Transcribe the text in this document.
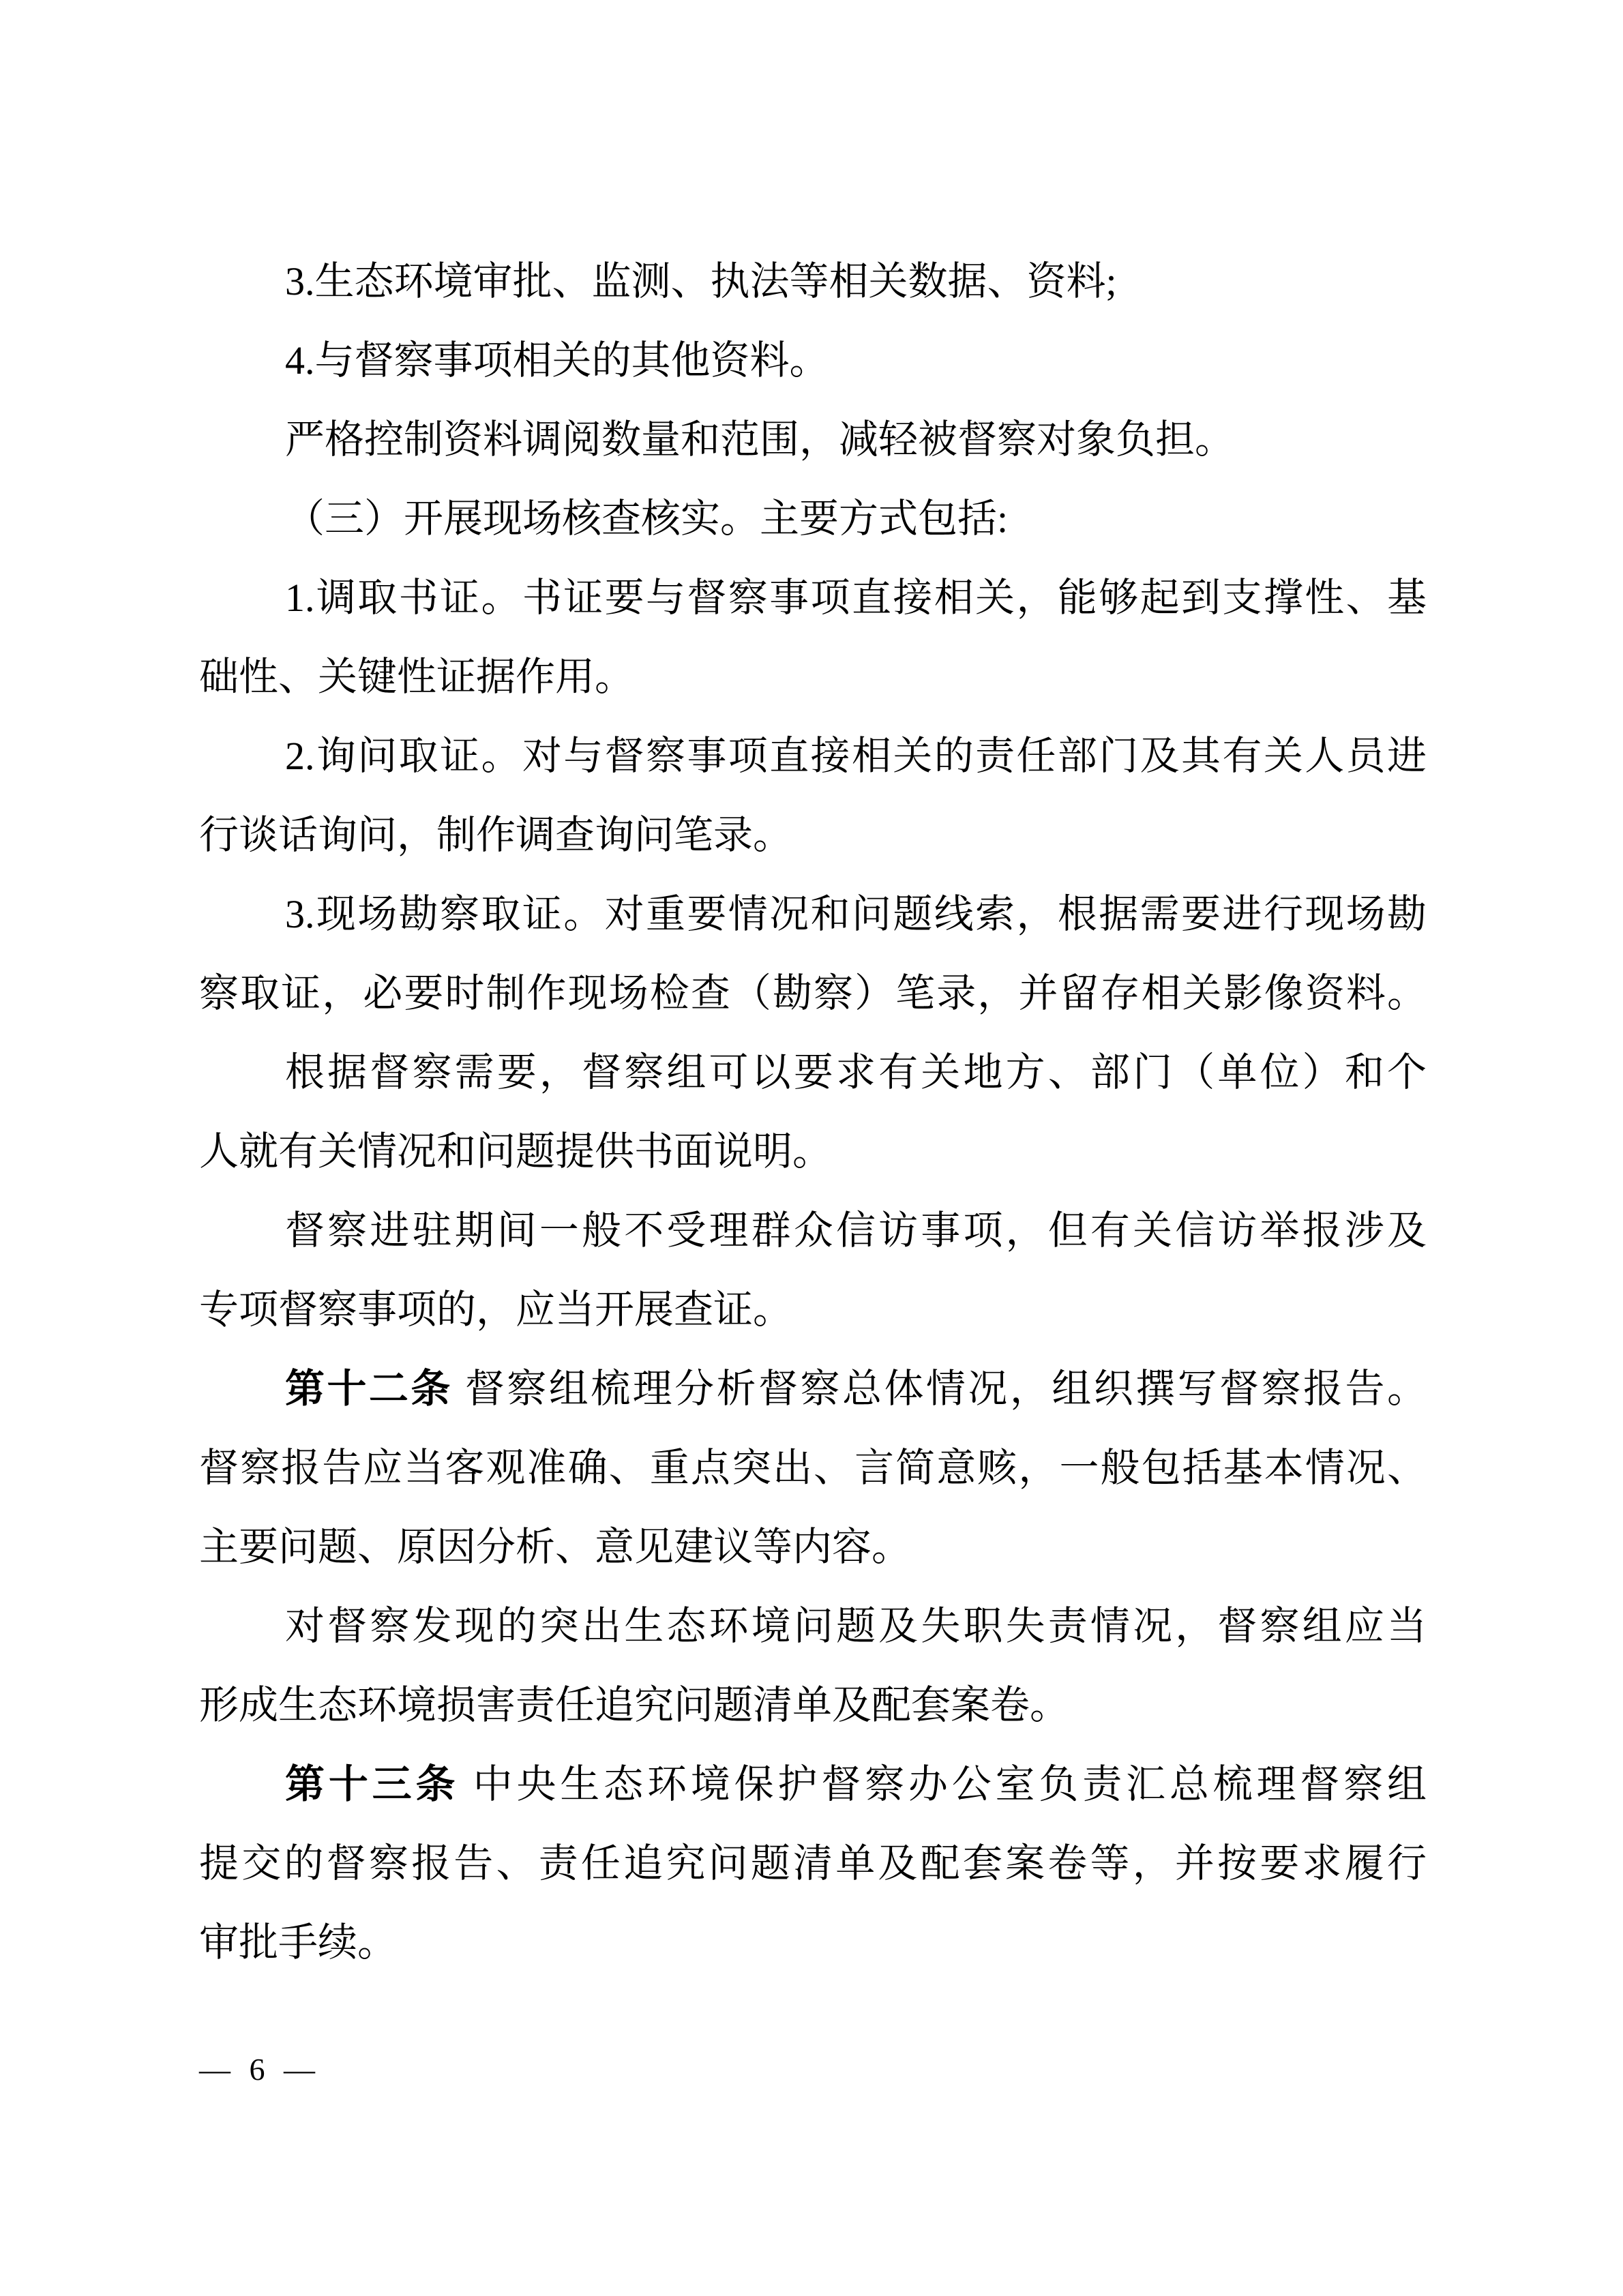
3.生态环境审批、监测、执法等相关数据、资料;
4.与督察事项相关的其他资料。
严格控制资料调阅数量和范围，减轻被督察对象负担。
（三）开展现场核查核实。主要方式包括:
1.调取书证。书证要与督察事项直接相关，能够起到支撑性、基
础性、关键性证据作用。
2.询问取证。对与督察事项直接相关的责任部门及其有关人员进
行谈话询问，制作调查询问笔录。
3.现场勘察取证。对重要情况和问题线索，根据需要进行现场勘
察取证，必要时制作现场检查（勘察）笔录，并留存相关影像资料。
根据督察需要，督察组可以要求有关地方、部门（单位）和个
人就有关情况和问题提供书面说明。
督察进驻期间一般不受理群众信访事项，但有关信访举报涉及
专项督察事项的，应当开展查证。
第十二条 督察组梳理分析督察总体情况，组织撰写督察报告。
督察报告应当客观准确、重点突出、言简意赅，一般包括基本情况、
主要问题、原因分析、意见建议等内容。
对督察发现的突出生态环境问题及失职失责情况，督察组应当
形成生态环境损害责任追究问题清单及配套案卷。
第十三条 中央生态环境保护督察办公室负责汇总梳理督察组
提交的督察报告、责任追究问题清单及配套案卷等，并按要求履行
审批手续。
— 6 —
